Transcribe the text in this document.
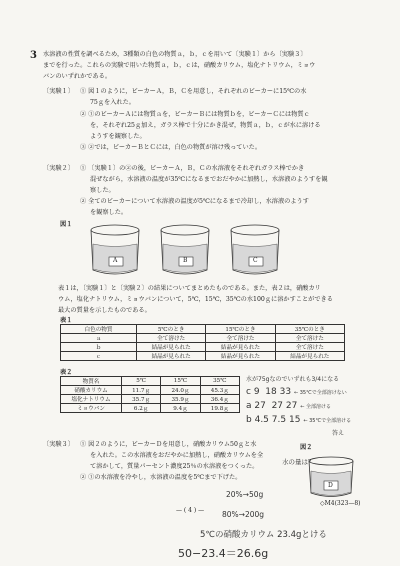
3 水溶液の性質を調べるため，3種類の白色の物質ａ，ｂ，ｃを用いて〔実験１〕から〔実験３〕
までを行った。これらの実験で用いた物質ａ，ｂ，ｃは，硝酸カリウム，塩化ナトリウム，ミョウ
バンのいずれかである。
〔実験１〕 ① 図１のように，ビーカーＡ，Ｂ，Ｃを用意し，それぞれのビーカーに15℃の水
75ｇを入れた。
② ①のビーカーＡには物質ａを，ビーカーＢには物質ｂを，ビーカーＣには物質ｃ
を，それぞれ25ｇ加え，ガラス棒で十分にかき混ぜ，物質ａ，ｂ，ｃが水に溶ける
ようすを観察した。
③ ②では，ビーカーＢとＣには，白色の物質が溶け残っていた。
〔実験２〕 ① 〔実験１〕の②の後，ビーカーＡ，Ｂ，Ｃの水溶液をそれぞれガラス棒でかき
混ぜながら，水溶液の温度が35℃になるまでおだやかに加熱し，水溶液のようすを観
察した。
② 全てのビーカーについて水溶液の温度が5℃になるまで冷却し，水溶液のようす
を観察した。
図１
A	B	C
表１は，〔実験１〕と〔実験２〕の結果についてまとめたものである。また，表２は，硝酸カリ
ウム，塩化ナトリウム，ミョウバンについて，5℃，15℃，35℃の水100ｇに溶かすことができる
最大の質量を示したものである。
表１
白色の物質	5℃のとき	15℃のとき	35℃のとき
ａ	全て溶けた	全て溶けた	全て溶けた
ｂ	結晶が見られた	結晶が見られた	全て溶けた
ｃ	結晶が見られた	結晶が見られた	結晶が見られた
表２
物質名	5℃	15℃	35℃
硝酸カリウム	11.7ｇ	24.0ｇ	45.3ｇ
塩化ナトリウム	35.7ｇ	35.9ｇ	36.4ｇ
ミョウバン	6.2ｇ	9.4ｇ	19.8ｇ
水が75gなのでいずれも3/4になる
c 9 18 33 ← 35℃で全部溶けない
a 27 27 27 ← 全部溶ける
b 4.5 7.5 15 ← 35℃で全部溶ける
答え
〔実験３〕 ① 図２のように，ビーカーＤを用意し，硝酸カリウム50ｇと水
を入れた。この水溶液をおだやかに加熱し，硝酸カリウムを全
て溶かして，質量パーセント濃度25％の水溶液をつくった。
② ①の水溶液を冷やし，水溶液の温度を5℃まで下げた。
図２
D
水の量は？
◇M4(323—8)
— ( 4 ) —
20%→50g
80%→200g
5℃の硝酸カリウム 23.4gとける
50−23.4＝26.6g
